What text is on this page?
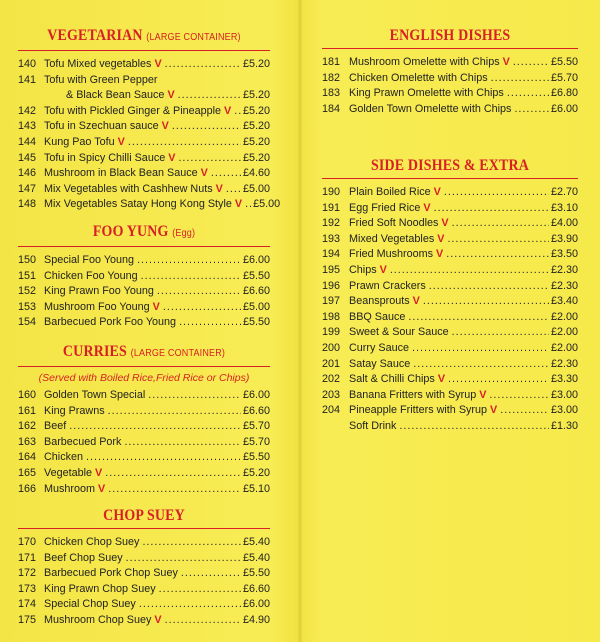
VEGETARIAN (LARGE CONTAINER)
140 Tofu Mixed vegetables V .....	£5.20
141 Tofu with Green Pepper
& Black Bean Sauce V .....	£5.20
142 Tofu with Pickled Ginger & Pineapple V ..... £5.20
143 Tofu in Szechuan sauce V .....	£5.20
144 Kung Pao Tofu V .....	£5.20
145 Tofu in Spicy Chilli Sauce V .....	£5.20
146 Mushroom in Black Bean Sauce V .....	£4.60
147 Mix Vegetables with Cashhew Nuts V ..... £5.00
148 Mix Vegetables Satay Hong Kong Style V ..... £5.00
FOO YUNG (Egg)
150 Special Foo Young .....	£6.00
151 Chicken Foo Young .....	£5.50
152 King Prawn Foo Young .....	£6.60
153 Mushroom Foo Young V .....	£5.00
154 Barbecued Pork Foo Young .....	£5.50
CURRIES (LARGE CONTAINER)
(Served with Boiled Rice,Fried Rice or Chips)
160 Golden Town Special .....	£6.00
161 King Prawns .....	£6.60
162 Beef .....	£5.70
163 Barbecued Pork .....	£5.70
164 Chicken .....	£5.50
165 Vegetable V .....	£5.20
166 Mushroom V .....	£5.10
CHOP SUEY
170 Chicken Chop Suey .....	£5.40
171 Beef Chop Suey .....	£5.40
172 Barbecued Pork Chop Suey .....	£5.50
173 King Prawn Chop Suey .....	£6.60
174 Special Chop Suey .....	£6.00
175 Mushroom Chop Suey V .....	£4.90
ENGLISH DISHES
181 Mushroom Omelette with Chips V .....	£5.50
182 Chicken Omelette with Chips .....	£5.70
183 King Prawn Omelette with Chips .....	£6.80
184 Golden Town Omelette with Chips .....	£6.00
SIDE DISHES & EXTRA
190 Plain Boiled Rice V .....	£2.70
191 Egg Fried Rice V .....	£3.10
192 Fried Soft Noodles V .....	£4.00
193 Mixed Vegetables V .....	£3.90
194 Fried Mushrooms V .....	£3.50
195 Chips V .....	£2.30
196 Prawn Crackers .....	£2.30
197 Beansprouts V .....	£3.40
198 BBQ Sauce .....	£2.00
199 Sweet & Sour Sauce .....	£2.00
200 Curry Sauce .....	£2.00
201 Satay Sauce .....	£2.30
202 Salt & Chilli Chips V .....	£3.30
203 Banana Fritters with Syrup V .....	£3.00
204 Pineapple Fritters with Syrup V .....	£3.00
Soft Drink .....	£1.30
